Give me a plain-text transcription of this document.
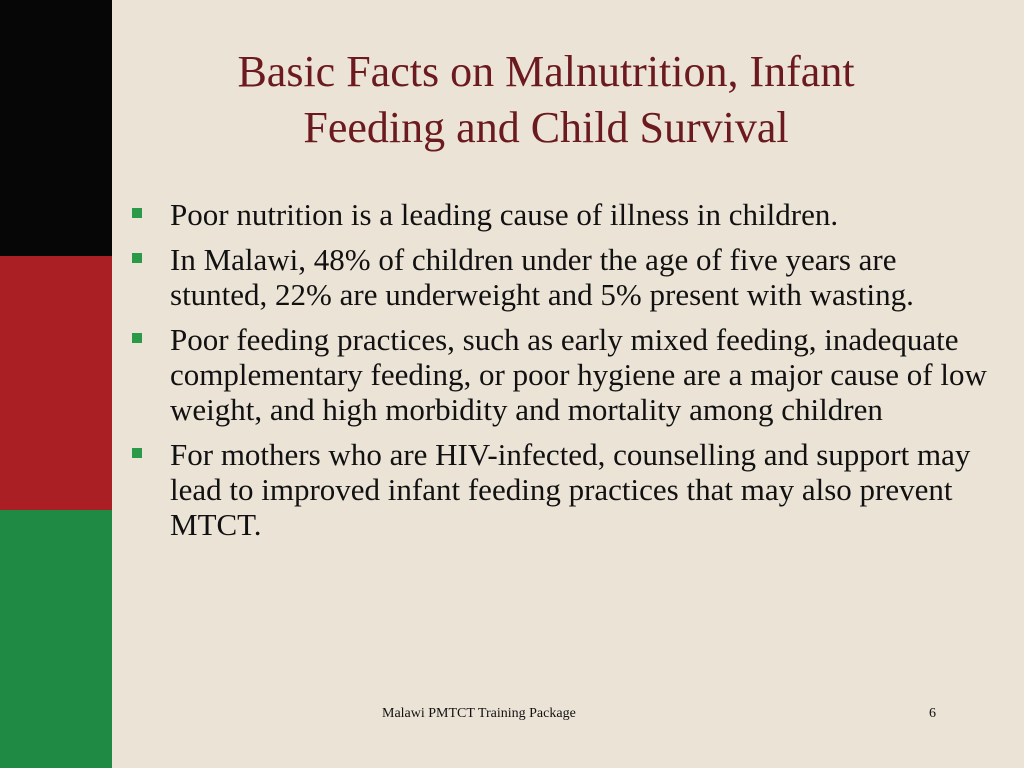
Basic Facts on Malnutrition, Infant
Feeding and Child Survival
Poor nutrition is a leading cause of illness in children.
In Malawi, 48% of children under the age of five years are stunted, 22% are underweight and 5% present with wasting.
Poor feeding practices, such as early mixed feeding, inadequate complementary feeding, or poor hygiene are a major cause of low weight, and high morbidity and mortality among children
For mothers who are HIV-infected, counselling and support may lead to improved infant feeding practices that may also prevent MTCT.
Malawi PMTCT Training Package	6
